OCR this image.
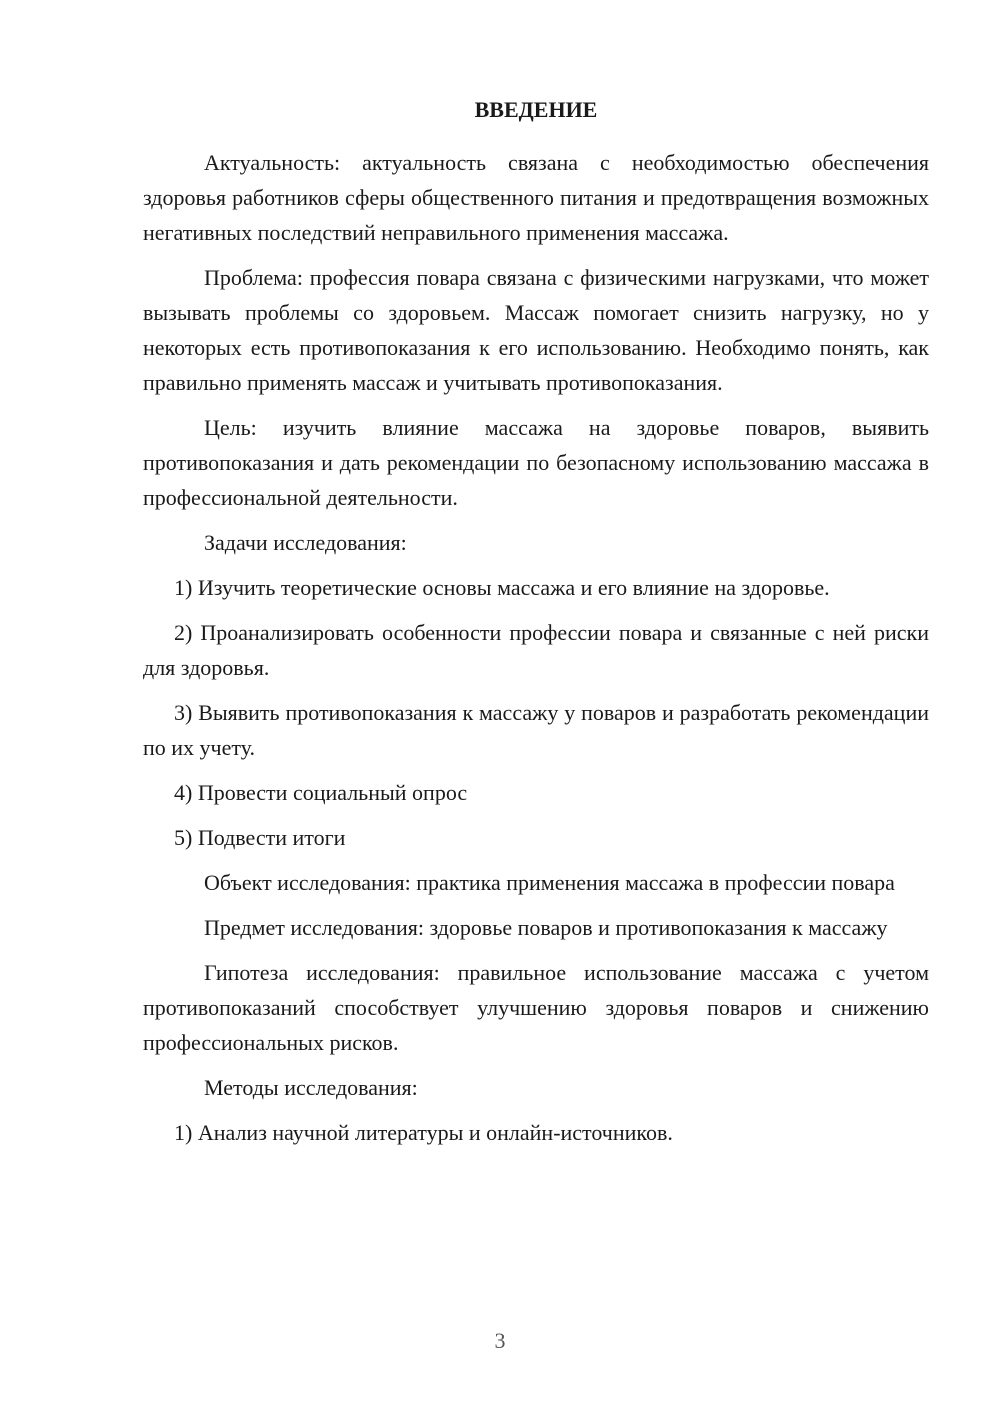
ВВЕДЕНИЕ

Актуальность: актуальность связана с необходимостью обеспечения здоровья работников сферы общественного питания и предотвращения возможных негативных последствий неправильного применения массажа.

Проблема: профессия повара связана с физическими нагрузками, что может вызывать проблемы со здоровьем. Массаж помогает снизить нагрузку, но у некоторых есть противопоказания к его использованию. Необходимо понять, как правильно применять массаж и учитывать противопоказания.

Цель: изучить влияние массажа на здоровье поваров, выявить противопоказания и дать рекомендации по безопасному использованию массажа в профессиональной деятельности.

Задачи исследования:

1) Изучить теоретические основы массажа и его влияние на здоровье.

2) Проанализировать особенности профессии повара и связанные с ней риски для здоровья.

3) Выявить противопоказания к массажу у поваров и разработать рекомендации по их учету.

4) Провести социальный опрос

5) Подвести итоги

Объект исследования: практика применения массажа в профессии повара

Предмет исследования: здоровье поваров и противопоказания к массажу

Гипотеза исследования: правильное использование массажа с учетом противопоказаний способствует улучшению здоровья поваров и снижению профессиональных рисков.

Методы исследования:

1) Анализ научной литературы и онлайн-источников.

3
